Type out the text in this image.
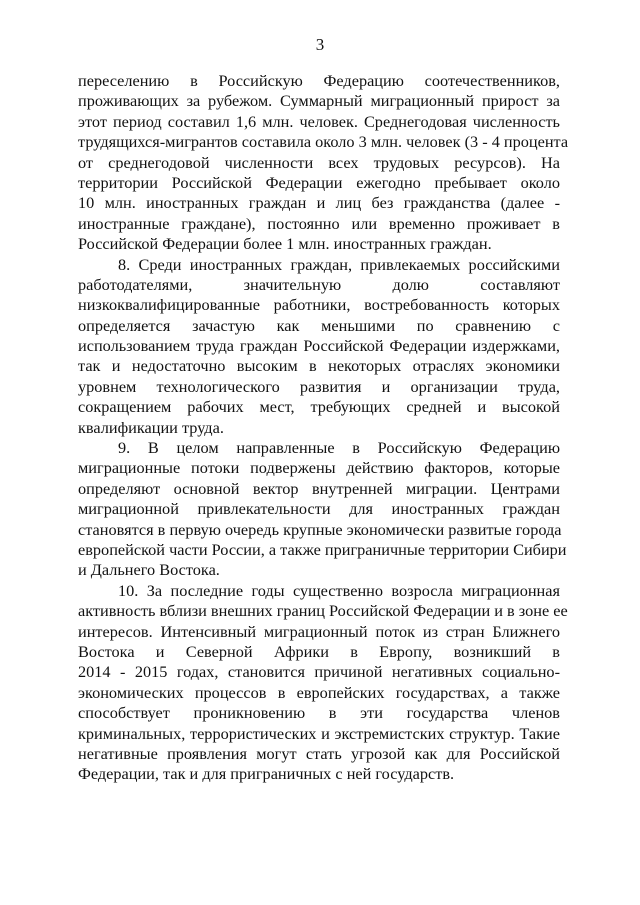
3
переселению в Российскую Федерацию соотечественников,
проживающих за рубежом. Суммарный миграционный прирост за
этот период составил 1,6 млн. человек. Среднегодовая численность
трудящихся-мигрантов составила около 3 млн. человек (3 - 4 процента
от среднегодовой численности всех трудовых ресурсов). На
территории Российской Федерации ежегодно пребывает около
10 млн. иностранных граждан и лиц без гражданства (далее -
иностранные граждане), постоянно или временно проживает в
Российской Федерации более 1 млн. иностранных граждан.
8. Среди иностранных граждан, привлекаемых российскими
работодателями, значительную долю составляют
низкоквалифицированные работники, востребованность которых
определяется зачастую как меньшими по сравнению с
использованием труда граждан Российской Федерации издержками,
так и недостаточно высоким в некоторых отраслях экономики
уровнем технологического развития и организации труда,
сокращением рабочих мест, требующих средней и высокой
квалификации труда.
9. В целом направленные в Российскую Федерацию
миграционные потоки подвержены действию факторов, которые
определяют основной вектор внутренней миграции. Центрами
миграционной привлекательности для иностранных граждан
становятся в первую очередь крупные экономически развитые города
европейской части России, а также приграничные территории Сибири
и Дальнего Востока.
10. За последние годы существенно возросла миграционная
активность вблизи внешних границ Российской Федерации и в зоне ее
интересов. Интенсивный миграционный поток из стран Ближнего
Востока и Северной Африки в Европу, возникший в
2014 - 2015 годах, становится причиной негативных социально-
экономических процессов в европейских государствах, а также
способствует проникновению в эти государства членов
криминальных, террористических и экстремистских структур. Такие
негативные проявления могут стать угрозой как для Российской
Федерации, так и для приграничных с ней государств.
